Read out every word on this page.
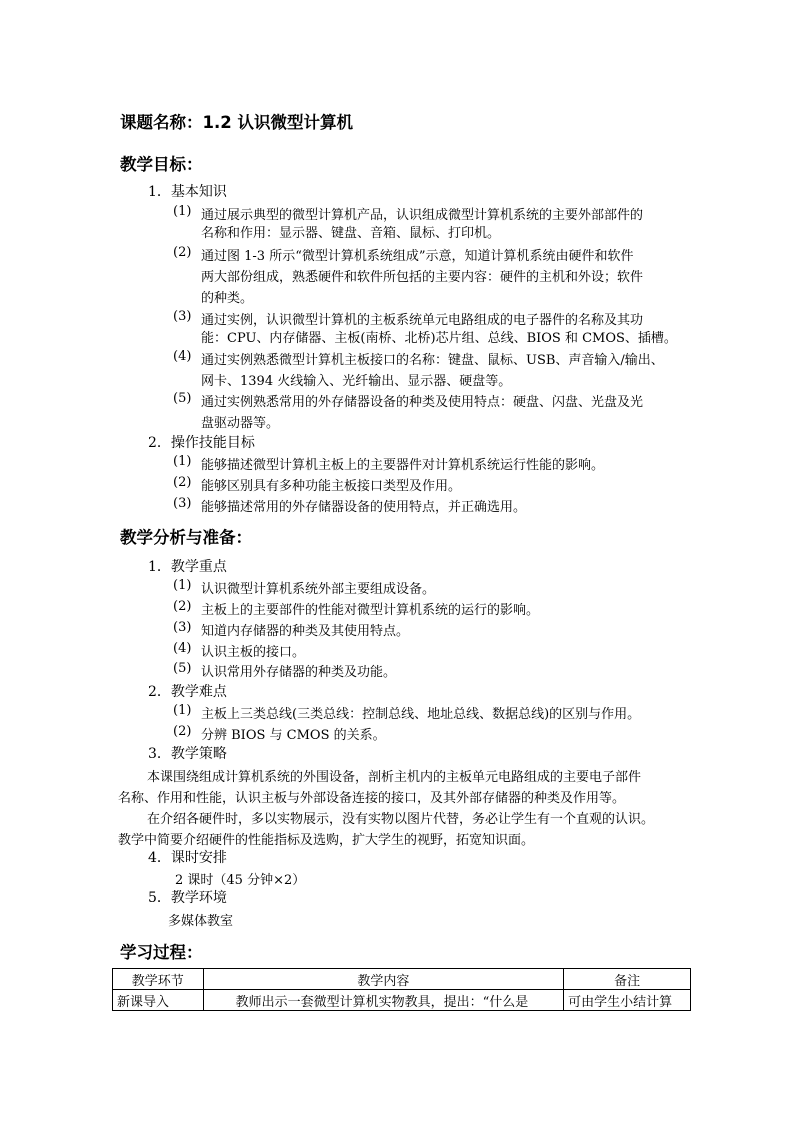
课题名称：1.2 认识微型计算机
教学目标：
1．基本知识
(1) 通过展示典型的微型计算机产品，认识组成微型计算机系统的主要外部部件的
名称和作用：显示器、键盘、音箱、鼠标、打印机。
(2) 通过图 1-3 所示“微型计算机系统组成”示意，知道计算机系统由硬件和软件
两大部份组成，熟悉硬件和软件所包括的主要内容：硬件的主机和外设；软件
的种类。
(3) 通过实例，认识微型计算机的主板系统单元电路组成的电子器件的名称及其功
能：CPU、内存储器、主板(南桥、北桥)芯片组、总线、BIOS 和 CMOS、插槽。
(4) 通过实例熟悉微型计算机主板接口的名称：键盘、鼠标、USB、声音输入/输出、
网卡、1394 火线输入、光纤输出、显示器、硬盘等。
(5) 通过实例熟悉常用的外存储器设备的种类及使用特点：硬盘、闪盘、光盘及光
盘驱动器等。
2．操作技能目标
(1) 能够描述微型计算机主板上的主要器件对计算机系统运行性能的影响。
(2) 能够区别具有多种功能主板接口类型及作用。
(3) 能够描述常用的外存储器设备的使用特点，并正确选用。
教学分析与准备：
1．教学重点
(1) 认识微型计算机系统外部主要组成设备。
(2) 主板上的主要部件的性能对微型计算机系统的运行的影响。
(3) 知道内存储器的种类及其使用特点。
(4) 认识主板的接口。
(5) 认识常用外存储器的种类及功能。
2．教学难点
(1) 主板上三类总线(三类总线：控制总线、地址总线、数据总线)的区别与作用。
(2) 分辨 BIOS 与 CMOS 的关系。
3．教学策略
本课围绕组成计算机系统的外围设备，剖析主机内的主板单元电路组成的主要电子部件
名称、作用和性能，认识主板与外部设备连接的接口，及其外部存储器的种类及作用等。
在介绍各硬件时，多以实物展示，没有实物以图片代替，务必让学生有一个直观的认识。
教学中简要介绍硬件的性能指标及选购，扩大学生的视野，拓宽知识面。
4．课时安排
2 课时（45 分钟×2）
5．教学环境
多媒体教室
学习过程：
教学环节	教学内容	备注
新课导入	教师出示一套微型计算机实物教具，提出：“什么是	可由学生小结计算
